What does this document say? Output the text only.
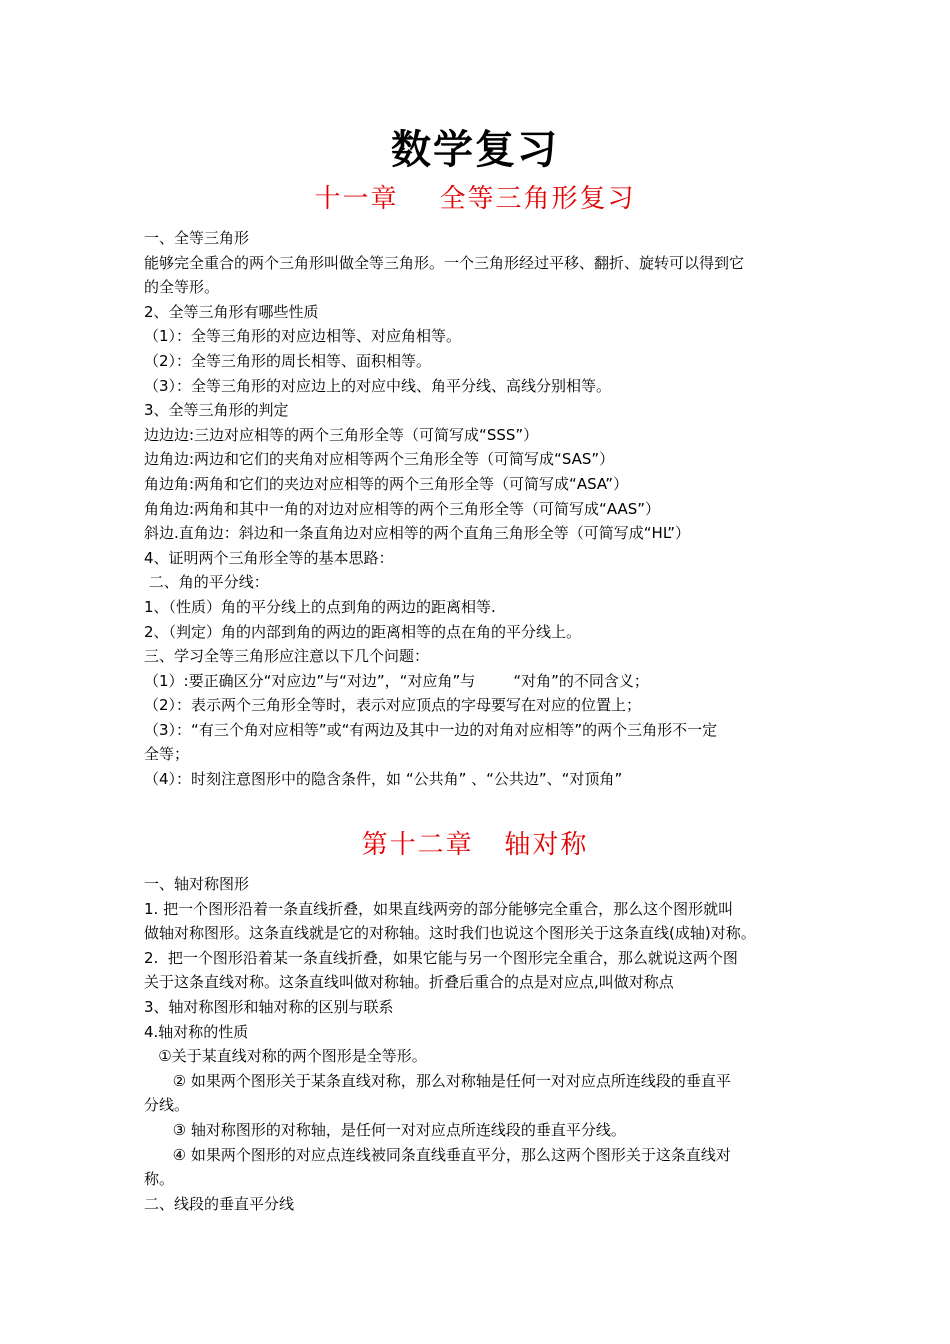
数学复习
十一章    全等三角形复习
一、全等三角形
能够完全重合的两个三角形叫做全等三角形。一个三角形经过平移、翻折、旋转可以得到它
的全等形。
2、全等三角形有哪些性质
（1）：全等三角形的对应边相等、对应角相等。
（2）：全等三角形的周长相等、面积相等。
（3）：全等三角形的对应边上的对应中线、角平分线、高线分别相等。
3、全等三角形的判定
边边边:三边对应相等的两个三角形全等（可简写成“SSS”）
边角边:两边和它们的夹角对应相等两个三角形全等（可简写成“SAS”）
角边角:两角和它们的夹边对应相等的两个三角形全等（可简写成“ASA”）
角角边:两角和其中一角的对边对应相等的两个三角形全等（可简写成“AAS”）
斜边.直角边：斜边和一条直角边对应相等的两个直角三角形全等（可简写成“HL”）
4、证明两个三角形全等的基本思路：
二、角的平分线：
1、（性质）角的平分线上的点到角的两边的距离相等.
2、（判定）角的内部到角的两边的距离相等的点在角的平分线上。
三、学习全等三角形应注意以下几个问题：
（1）:要正确区分“对应边”与“对边”，“对应角”与        “对角”的不同含义；
（2）：表示两个三角形全等时，表示对应顶点的字母要写在对应的位置上；
（3）：“有三个角对应相等”或“有两边及其中一边的对角对应相等”的两个三角形不一定
全等；
（4）：时刻注意图形中的隐含条件，如 “公共角” 、“公共边”、“对顶角”
第十二章   轴对称
一、轴对称图形
1. 把一个图形沿着一条直线折叠，如果直线两旁的部分能够完全重合，那么这个图形就叫
做轴对称图形。这条直线就是它的对称轴。这时我们也说这个图形关于这条直线(成轴)对称。
2.  把一个图形沿着某一条直线折叠，如果它能与另一个图形完全重合，那么就说这两个图
关于这条直线对称。这条直线叫做对称轴。折叠后重合的点是对应点,叫做对称点
3、轴对称图形和轴对称的区别与联系
4.轴对称的性质
①关于某直线对称的两个图形是全等形。
② 如果两个图形关于某条直线对称，那么对称轴是任何一对对应点所连线段的垂直平
分线。
③ 轴对称图形的对称轴，是任何一对对应点所连线段的垂直平分线。
④ 如果两个图形的对应点连线被同条直线垂直平分，那么这两个图形关于这条直线对
称。
二、线段的垂直平分线
